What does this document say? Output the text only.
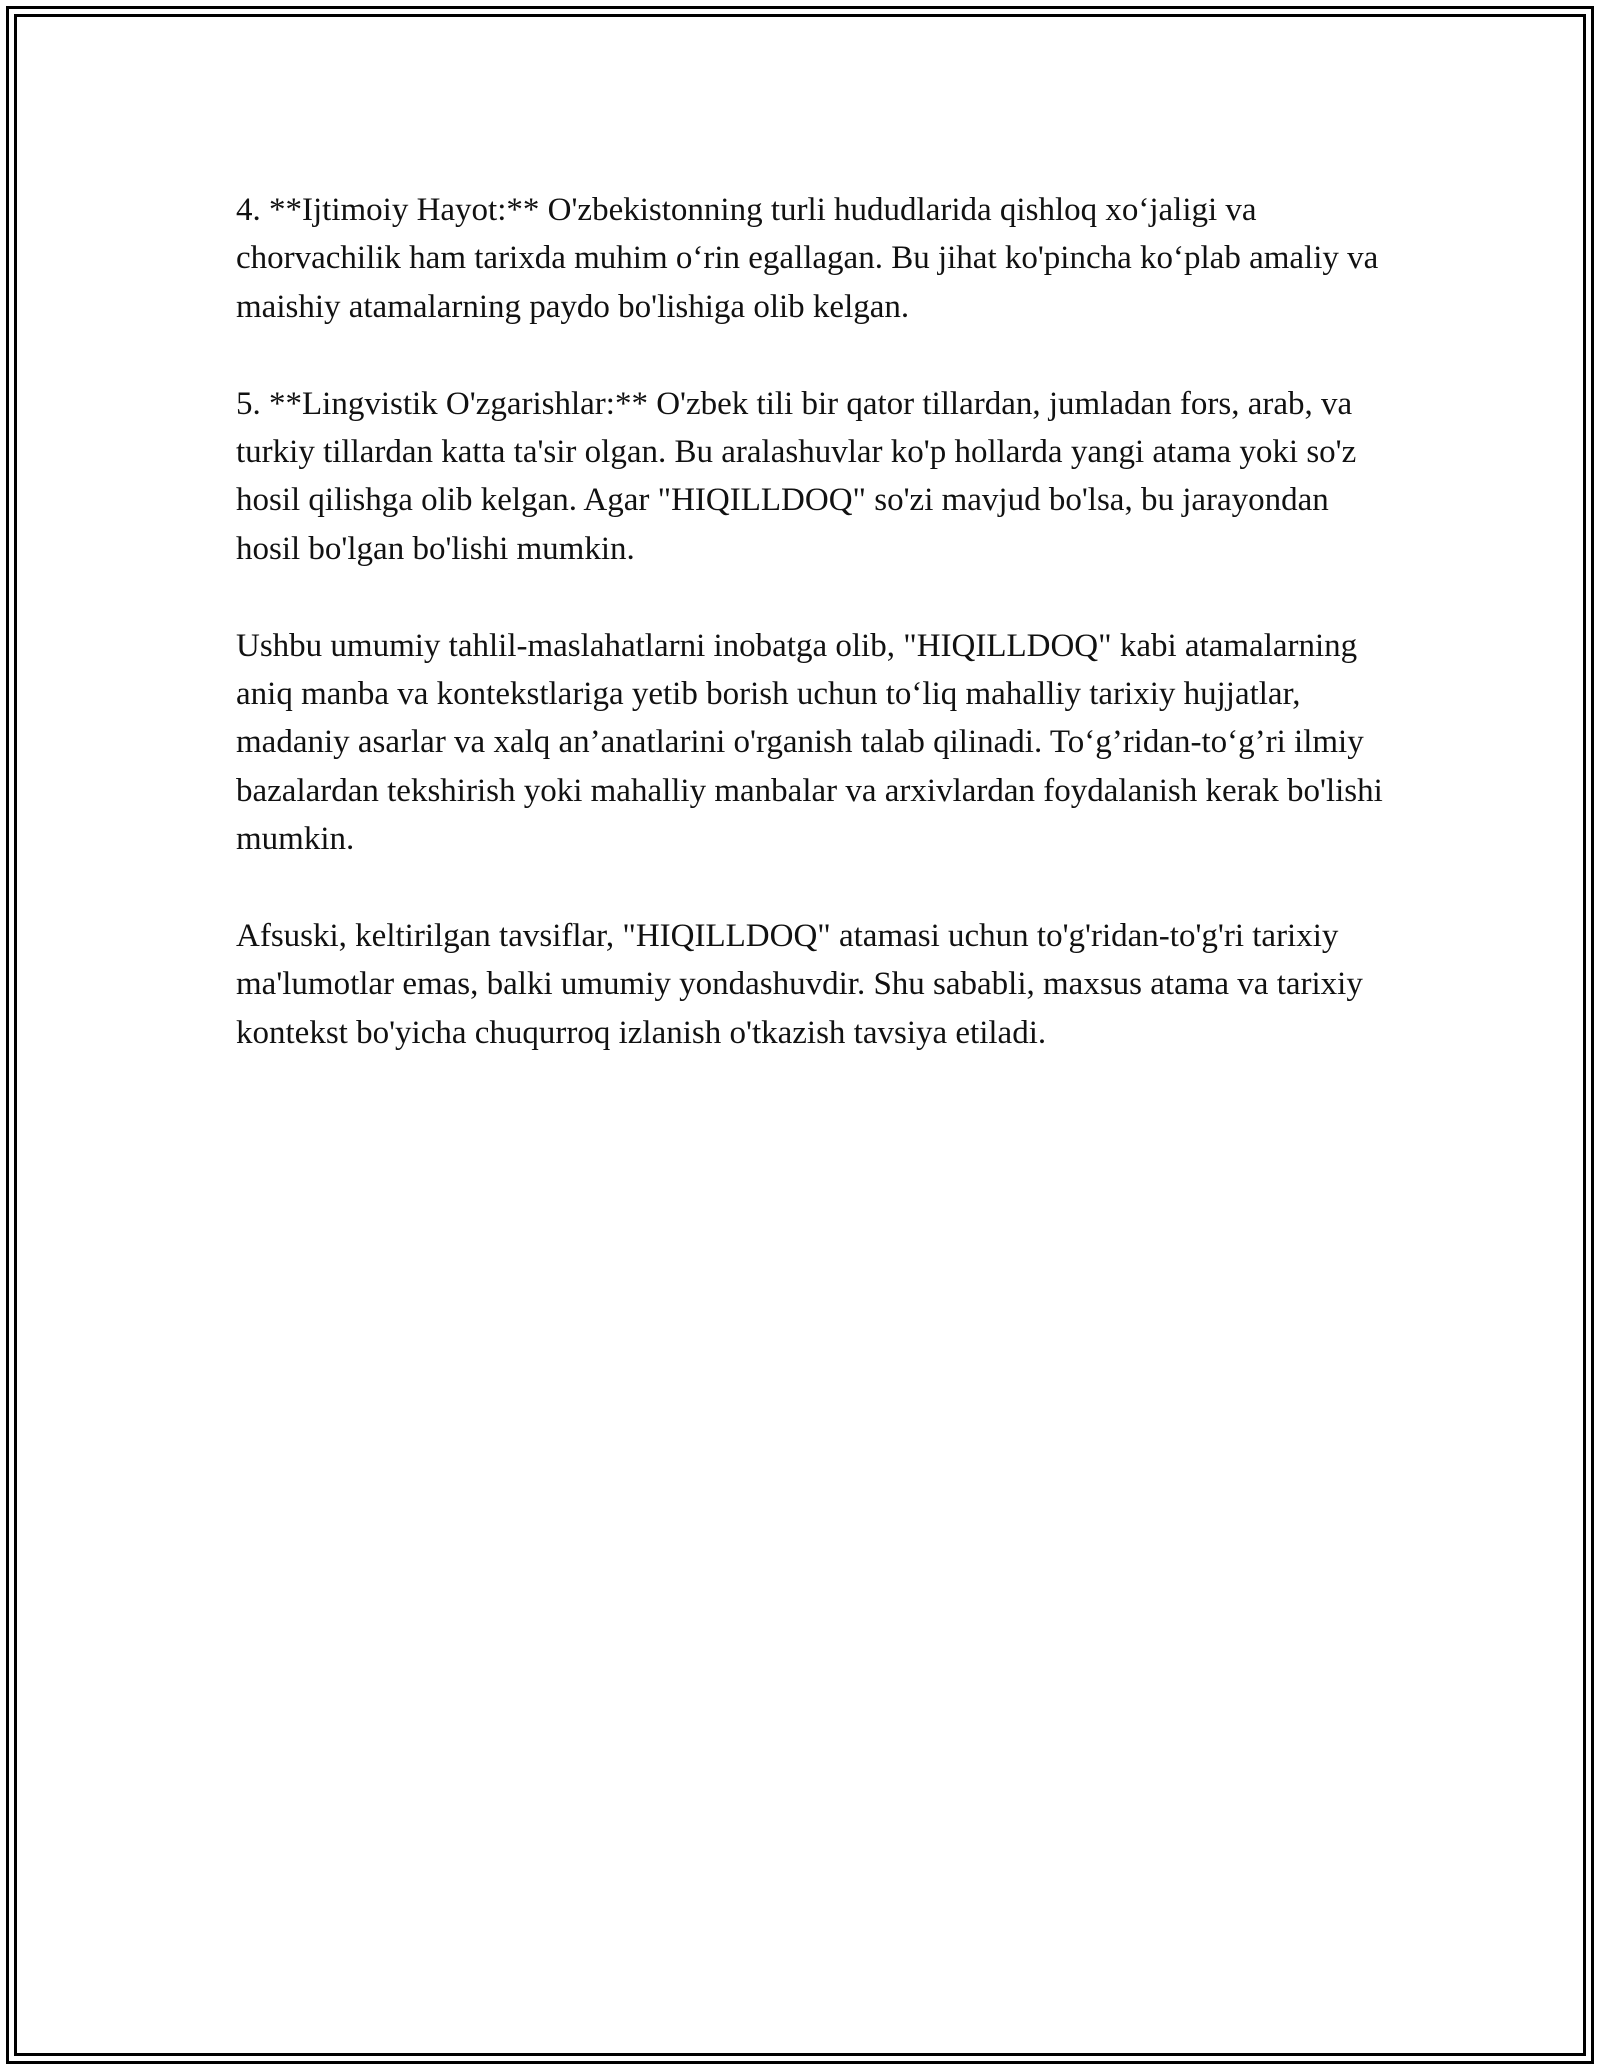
4. **Ijtimoiy Hayot:** O'zbekistonning turli hududlarida qishloq xo‘jaligi va chorvachilik ham tarixda muhim o‘rin egallagan. Bu jihat ko'pincha ko‘plab amaliy va maishiy atamalarning paydo bo'lishiga olib kelgan.

5. **Lingvistik O'zgarishlar:** O'zbek tili bir qator tillardan, jumladan fors, arab, va turkiy tillardan katta ta'sir olgan. Bu aralashuvlar ko'p hollarda yangi atama yoki so'z hosil qilishga olib kelgan. Agar "HIQILLDOQ" so'zi mavjud bo'lsa, bu jarayondan hosil bo'lgan bo'lishi mumkin.

Ushbu umumiy tahlil-maslahatlarni inobatga olib, "HIQILLDOQ" kabi atamalarning aniq manba va kontekstlariga yetib borish uchun to‘liq mahalliy tarixiy hujjatlar, madaniy asarlar va xalq an’anatlarini o'rganish talab qilinadi. To‘g’ridan-to‘g’ri ilmiy bazalardan tekshirish yoki mahalliy manbalar va arxivlardan foydalanish kerak bo'lishi mumkin.

Afsuski, keltirilgan tavsiflar, "HIQILLDOQ" atamasi uchun to'g'ridan-to'g'ri tarixiy ma'lumotlar emas, balki umumiy yondashuvdir. Shu sababli, maxsus atama va tarixiy kontekst bo'yicha chuqurroq izlanish o'tkazish tavsiya etiladi.
